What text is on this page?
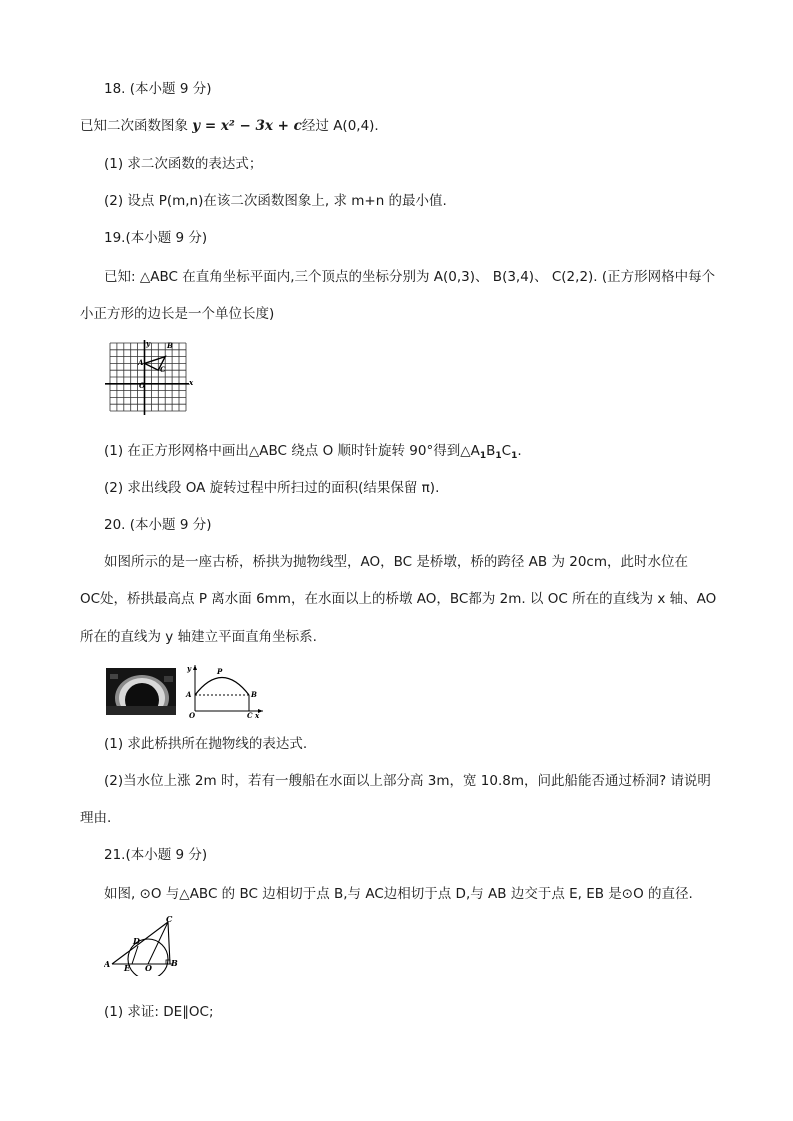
18. (本小题 9 分)
已知二次函数图象 y = x² − 3x + c经过 A(0,4).
(1) 求二次函数的表达式；
(2) 设点 P(m,n)在该二次函数图象上, 求 m+n 的最小值.
19.(本小题 9 分)
已知: △ABC 在直角坐标平面内,三个顶点的坐标分别为 A(0,3)、 B(3,4)、 C(2,2). (正方形网格中每个
小正方形的边长是一个单位长度)
y
x
O
A
B
C
(1) 在正方形网格中画出△ABC 绕点 O 顺时针旋转 90°得到$\triangle A_1B_1C_1$.
(2) 求出线段 OA 旋转过程中所扫过的面积(结果保留 π).
20. (本小题 9 分)
如图所示的是一座古桥，桥拱为抛物线型，AO，BC 是桥墩，桥的跨径 AB 为 20cm，此时水位在
OC处，桥拱最高点 P 离水面 6mm，在水面以上的桥墩 AO，BC都为 2m. 以 OC 所在的直线为 x 轴、AO
所在的直线为 y 轴建立平面直角坐标系.
y	P
A	B
O	C x
(1) 求此桥拱所在抛物线的表达式.
(2)当水位上涨 2m 时，若有一艘船在水面以上部分高 3m，宽 10.8m，问此船能否通过桥洞? 请说明
理由.
21.(本小题 9 分)
如图, ⊙O 与△ABC 的 BC 边相切于点 B,与 AC边相切于点 D,与 AB 边交于点 E, EB 是⊙O 的直径.
C
D
A E O B
(1) 求证: DE∥OC;
